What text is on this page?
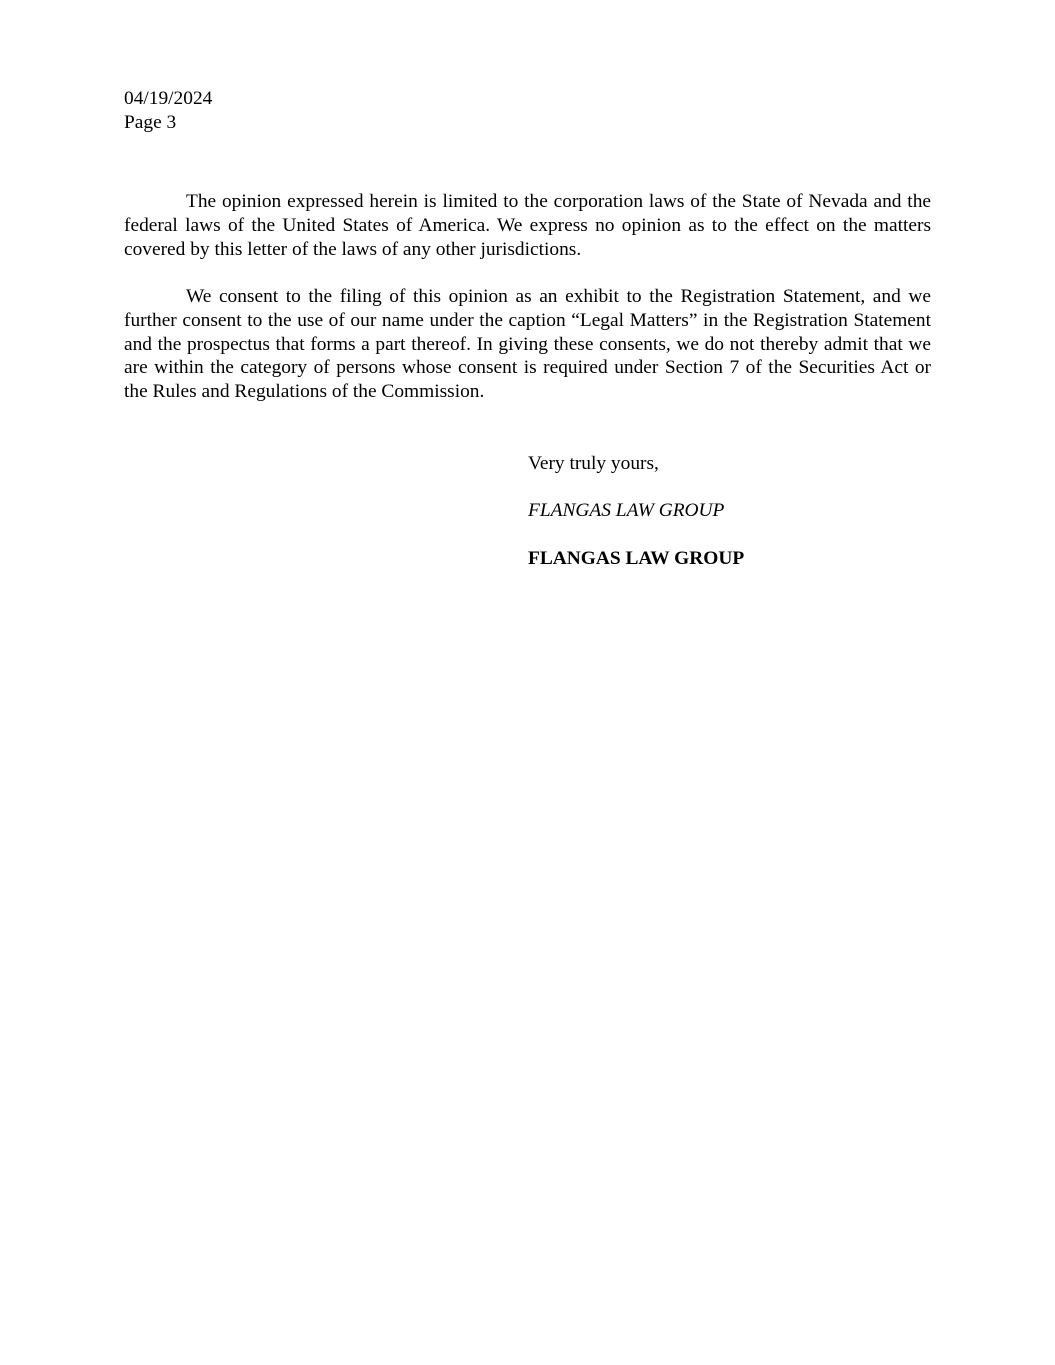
04/19/2024
Page 3

The opinion expressed herein is limited to the corporation laws of the State of Nevada and the federal laws of the United States of America. We express no opinion as to the effect on the matters covered by this letter of the laws of any other jurisdictions.

We consent to the filing of this opinion as an exhibit to the Registration Statement, and we further consent to the use of our name under the caption “Legal Matters” in the Registration Statement and the prospectus that forms a part thereof. In giving these consents, we do not thereby admit that we are within the category of persons whose consent is required under Section 7 of the Securities Act or the Rules and Regulations of the Commission.

Very truly yours,
FLANGAS LAW GROUP
FLANGAS LAW GROUP
